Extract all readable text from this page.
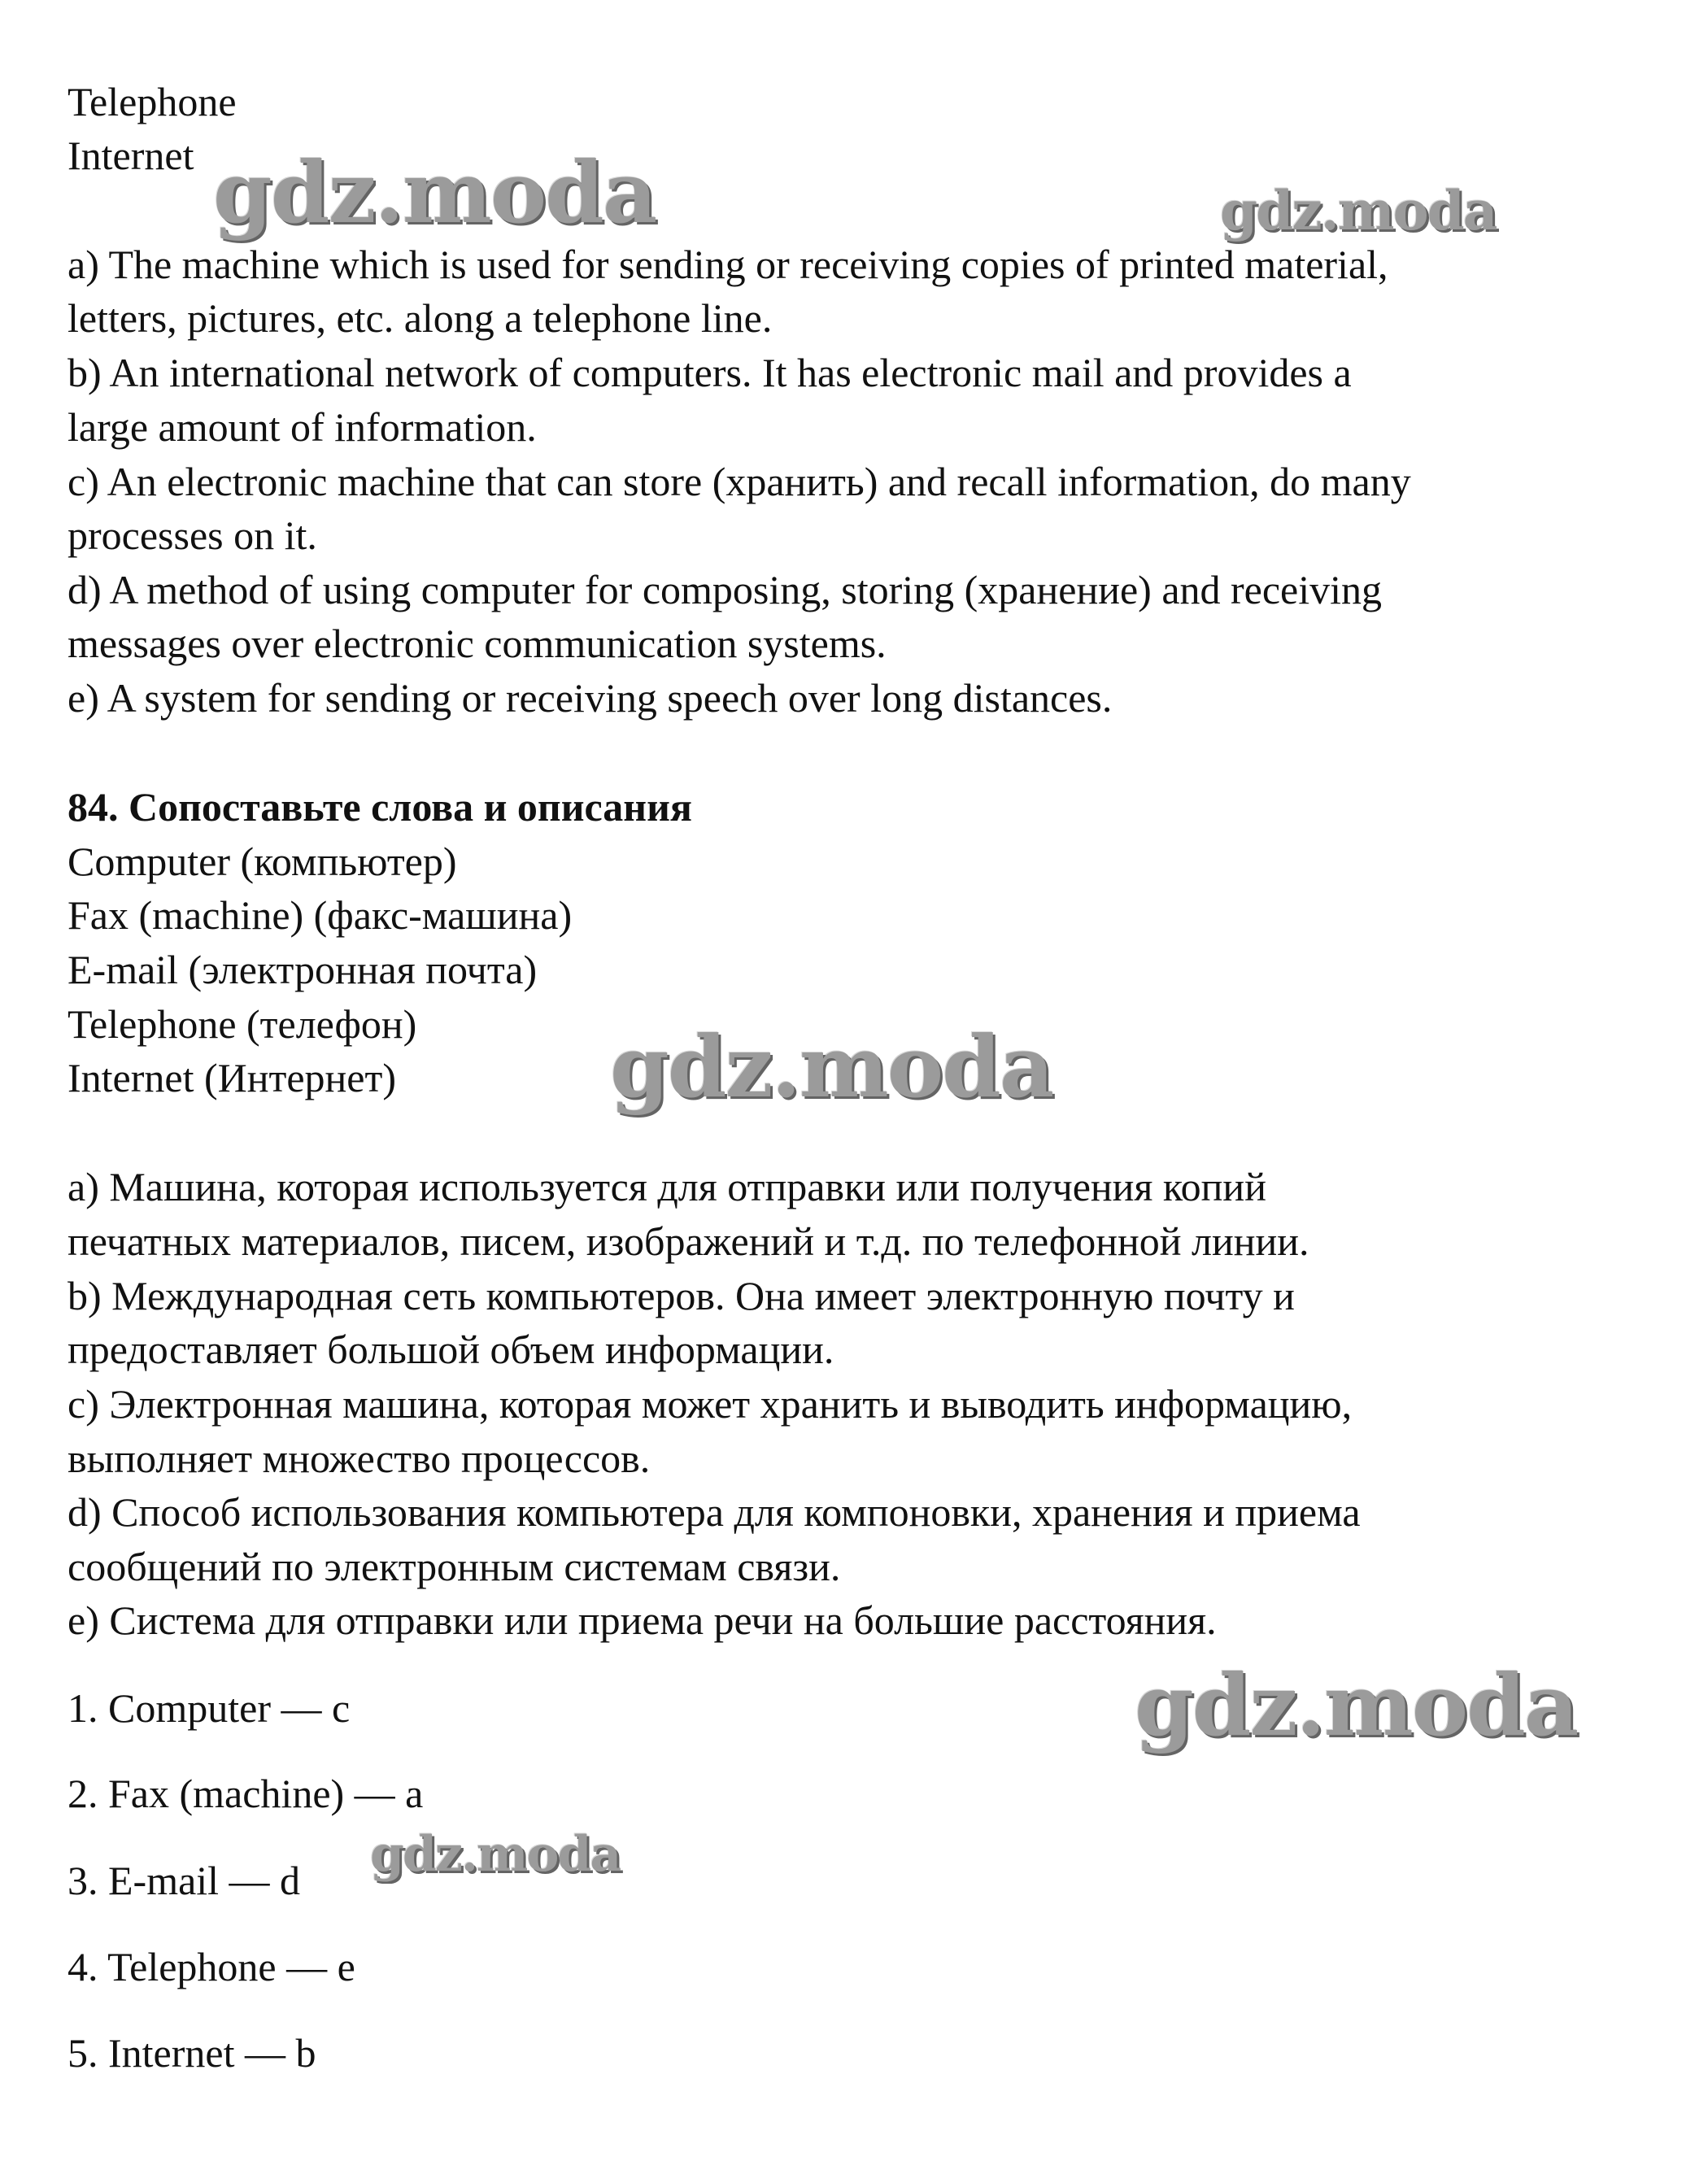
Telephone
Internet
a) The machine which is used for sending or receiving copies of printed material,
letters, pictures, etc. along a telephone line.
b) An international network of computers. It has electronic mail and provides a
large amount of information.
c) An electronic machine that can store (хранить) and recall information, do many
processes on it.
d) A method of using computer for composing, storing (хранение) and receiving
messages over electronic communication systems.
e) A system for sending or receiving speech over long distances.
84. Сопоставьте слова и описания
Computer (компьютер)
Fax (machine) (факс-машина)
E-mail (электронная почта)
Telephone (телефон)
Internet (Интернет)
a) Машина, которая используется для отправки или получения копий
печатных материалов, писем, изображений и т.д. по телефонной линии.
b) Международная сеть компьютеров. Она имеет электронную почту и
предоставляет большой объем информации.
c) Электронная машина, которая может хранить и выводить информацию,
выполняет множество процессов.
d) Способ использования компьютера для компоновки, хранения и приема
сообщений по электронным системам связи.
e) Система для отправки или приема речи на большие расстояния.
1. Computer — c
2. Fax (machine) — a
3. E-mail — d
4. Telephone — e
5. Internet — b
gdz.moda	gdz.moda
gdz.moda
gdz.moda
gdz.moda
